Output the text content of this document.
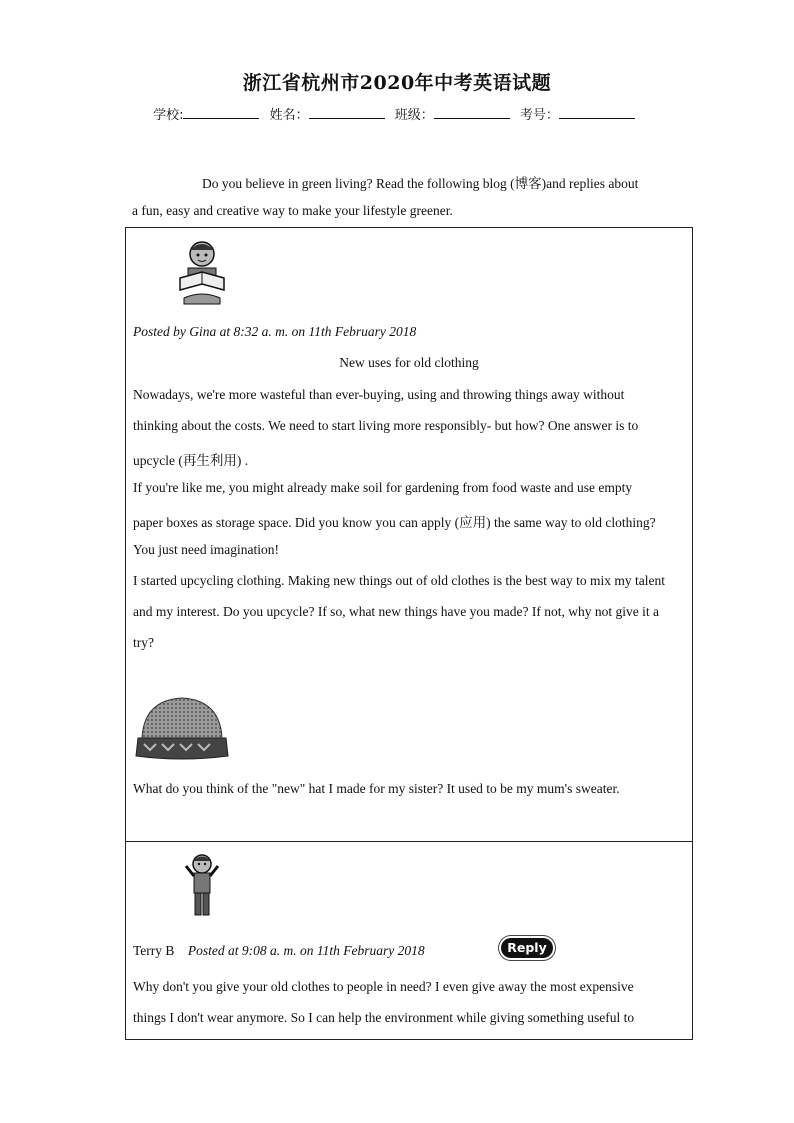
浙江省杭州市2020年中考英语试题
学校:	姓名：	班级：	考号：
Do you believe in green living? Read the following blog (博客)and replies about
a fun, easy and creative way to make your lifestyle greener.
Posted by Gina at 8:32 a. m. on 11th February 2018
New uses for old clothing
Nowadays, we're more wasteful than ever-buying, using and throwing things away without
thinking about the costs. We need to start living more responsibly- but how? One answer is to
upcycle (再生利用) .
If you're like me, you might already make soil for gardening from food waste and use empty
paper boxes as storage space. Did you know you can apply (应用) the same way to old clothing?
You just need imagination!
I started upcycling clothing. Making new things out of old clothes is the best way to mix my talent
and my interest. Do you upcycle? If so, what new things have you made? If not, why not give it a
try?
What do you think of the "new" hat I made for my sister? It used to be my mum's sweater.
Terry B Posted at 9:08 a. m. on 11th February 2018	Reply
Why don't you give your old clothes to people in need? I even give away the most expensive
things I don't wear anymore. So I can help the environment while giving something useful to
